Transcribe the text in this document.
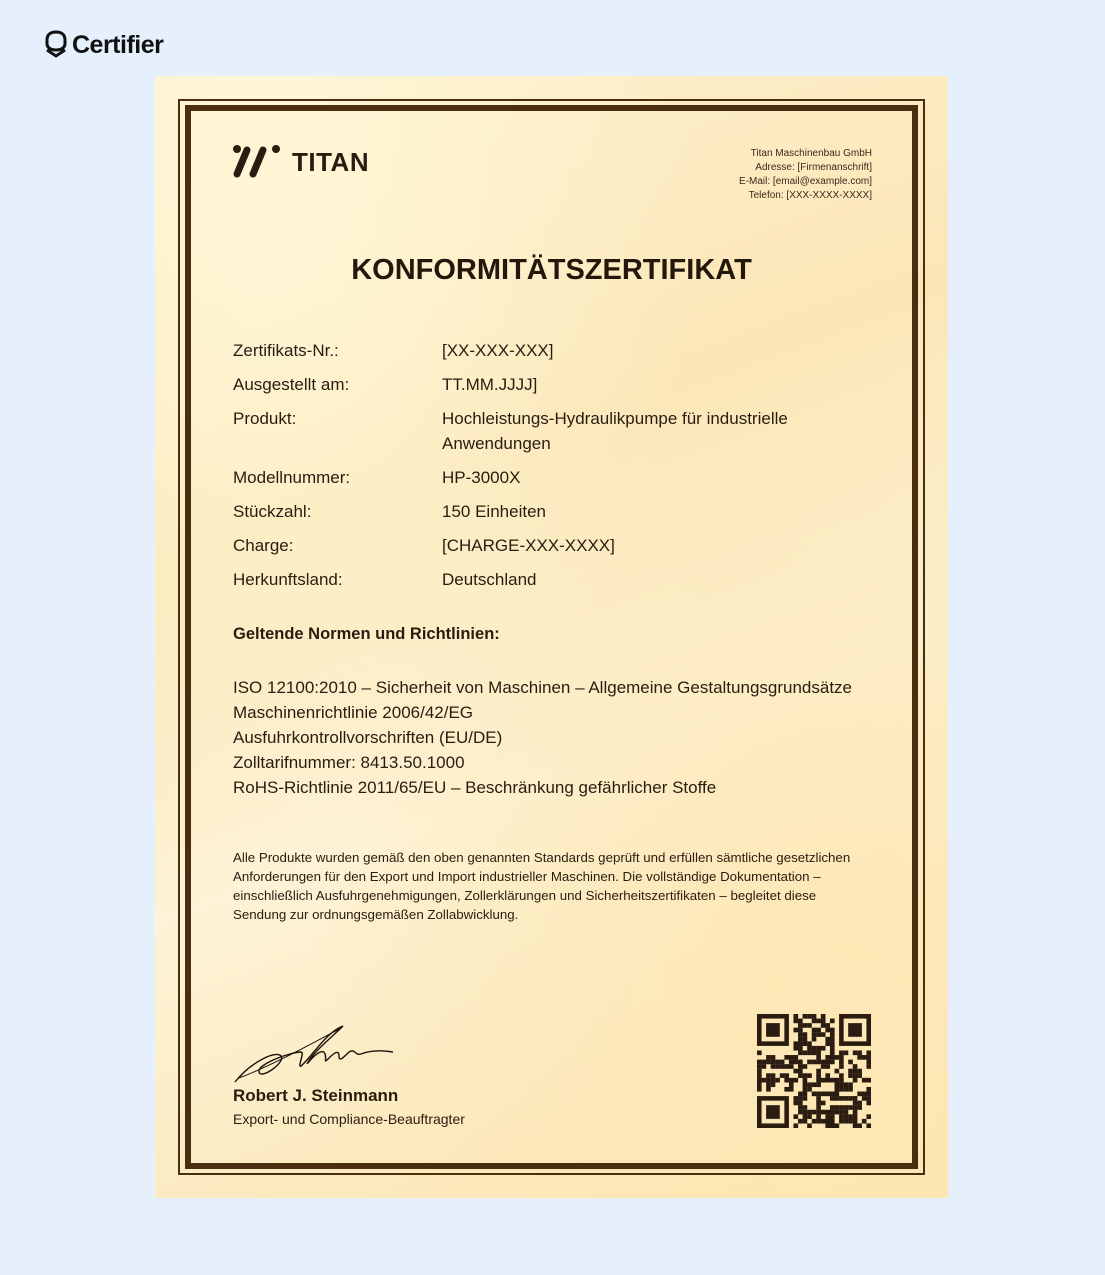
Certifier
TITAN	Titan Maschinenbau GmbH
Adresse: [Firmenanschrift]
E-Mail: [email@example.com]
Telefon: [XXX-XXXX-XXXX]
KONFORMITÄTSZERTIFIKAT
Zertifikats-Nr.:	[XX-XXX-XXX]
Ausgestellt am:	TT.MM.JJJJ]
Produkt:	Hochleistungs-Hydraulikpumpe für industrielle Anwendungen
Modellnummer:	HP-3000X
Stückzahl:	150 Einheiten
Charge:	[CHARGE-XXX-XXXX]
Herkunftsland:	Deutschland
Geltende Normen und Richtlinien:
ISO 12100:2010 – Sicherheit von Maschinen – Allgemeine Gestaltungsgrundsätze
Maschinenrichtlinie 2006/42/EG
Ausfuhrkontrollvorschriften (EU/DE)
Zolltarifnummer: 8413.50.1000
RoHS-Richtlinie 2011/65/EU – Beschränkung gefährlicher Stoffe
Alle Produkte wurden gemäß den oben genannten Standards geprüft und erfüllen sämtliche gesetzlichen Anforderungen für den Export und Import industrieller Maschinen. Die vollständige Dokumentation – einschließlich Ausfuhrgenehmigungen, Zollerklärungen und Sicherheitszertifikaten – begleitet diese Sendung zur ordnungsgemäßen Zollabwicklung.
Robert J. Steinmann
Export- und Compliance-Beauftragter
